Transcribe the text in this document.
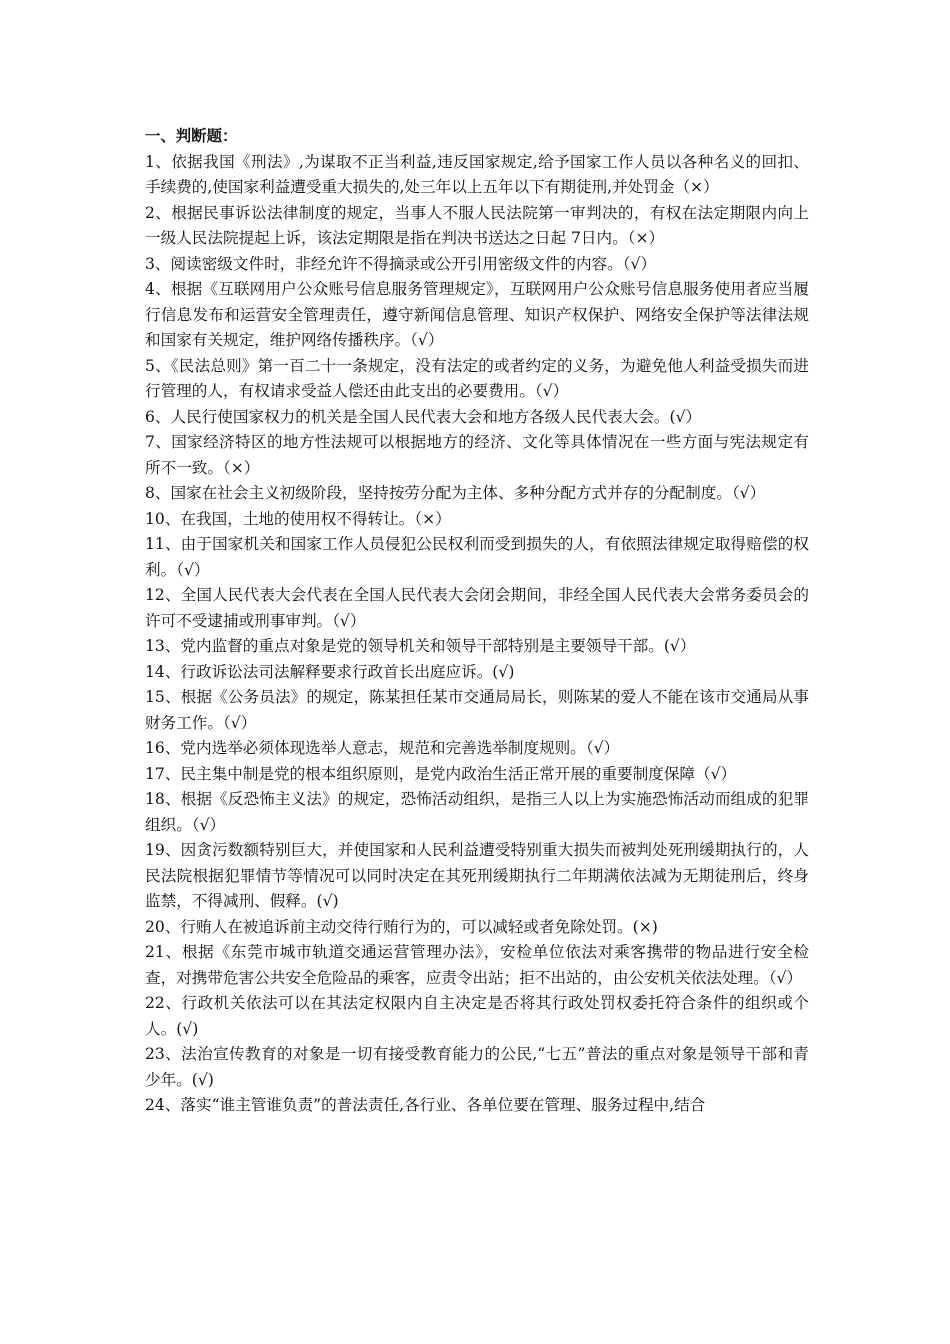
一、判断题：

1、依据我国《刑法》,为谋取不正当利益,违反国家规定,给予国家工作人员以各种名义的回扣、手续费的,使国家利益遭受重大损失的,处三年以上五年以下有期徒刑,并处罚金（×）

2、根据民事诉讼法律制度的规定，当事人不服人民法院第一审判决的，有权在法定期限内向上一级人民法院提起上诉，该法定期限是指在判决书送达之日起 7日内。（×）

3、阅读密级文件时，非经允许不得摘录或公开引用密级文件的内容。（√）

4、根据《互联网用户公众账号信息服务管理规定》，互联网用户公众账号信息服务使用者应当履行信息发布和运营安全管理责任，遵守新闻信息管理、知识产权保护、网络安全保护等法律法规和国家有关规定，维护网络传播秩序。（√）

5、《民法总则》第一百二十一条规定，没有法定的或者约定的义务，为避免他人利益受损失而进行管理的人，有权请求受益人偿还由此支出的必要费用。（√）

6、人民行使国家权力的机关是全国人民代表大会和地方各级人民代表大会。(√）

7、国家经济特区的地方性法规可以根据地方的经济、文化等具体情况在一些方面与宪法规定有所不一致。（×）

8、国家在社会主义初级阶段，坚持按劳分配为主体、多种分配方式并存的分配制度。（√）

10、在我国，土地的使用权不得转让。（×）

11、由于国家机关和国家工作人员侵犯公民权利而受到损失的人，有依照法律规定取得赔偿的权利。（√）

12、全国人民代表大会代表在全国人民代表大会闭会期间，非经全国人民代表大会常务委员会的许可不受逮捕或刑事审判。（√）

13、党内监督的重点对象是党的领导机关和领导干部特别是主要领导干部。(√）

14、行政诉讼法司法解释要求行政首长出庭应诉。(√)

15、根据《公务员法》的规定，陈某担任某市交通局局长，则陈某的爱人不能在该市交通局从事财务工作。（√）

16、党内选举必须体现选举人意志，规范和完善选举制度规则。（√）

17、民主集中制是党的根本组织原则，是党内政治生活正常开展的重要制度保障（√）

18、根据《反恐怖主义法》的规定，恐怖活动组织，是指三人以上为实施恐怖活动而组成的犯罪组织。（√）

19、因贪污数额特别巨大，并使国家和人民利益遭受特别重大损失而被判处死刑缓期执行的，人民法院根据犯罪情节等情况可以同时决定在其死刑缓期执行二年期满依法减为无期徒刑后，终身监禁，不得减刑、假释。(√)

20、行贿人在被追诉前主动交待行贿行为的，可以减轻或者免除处罚。(×)

21、根据《东莞市城市轨道交通运营管理办法》，安检单位依法对乘客携带的物品进行安全检查，对携带危害公共安全危险品的乘客，应责令出站；拒不出站的，由公安机关依法处理。（√）

22、行政机关依法可以在其法定权限内自主决定是否将其行政处罚权委托符合条件的组织或个人。(√)

23、法治宣传教育的对象是一切有接受教育能力的公民,“七五”普法的重点对象是领导干部和青少年。(√)

24、落实“谁主管谁负责”的普法责任,各行业、各单位要在管理、服务过程中,结合
